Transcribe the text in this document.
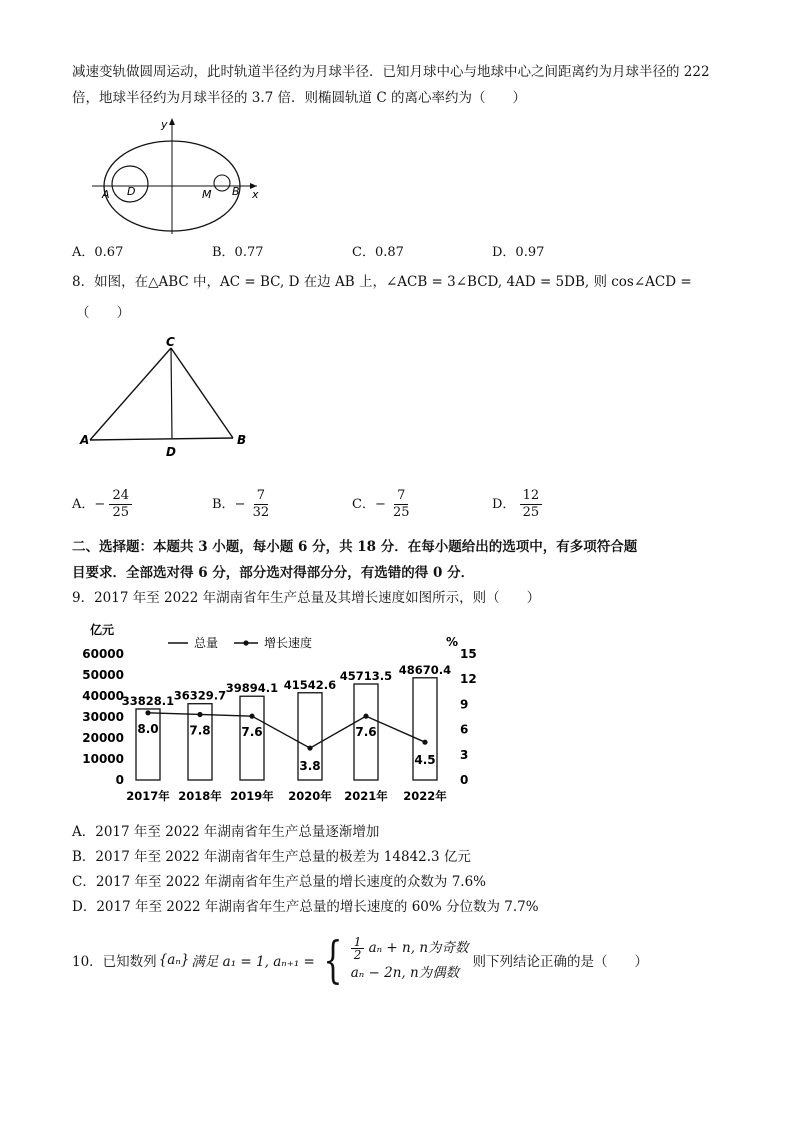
减速变轨做圆周运动，此时轨道半径约为月球半径．已知月球中心与地球中心之间距离约为月球半径的 222
倍，地球半径约为月球半径的 3.7 倍．则椭圆轨道 C 的离心率约为（　　）
y
x
A D	M B
A．0.67	B．0.77	C．0.87	D．0.97
8．如图，在△ABC 中，AC = BC, D 在边 AB 上，∠ACB = 3∠BCD, 4AD = 5DB, 则 cos∠ACD =
（　　）
C
A	B
D
A．− $\frac{24}{25}$	B．− $\frac{7}{32}$	C．− $\frac{7}{25}$	D． $\frac{12}{25}$
二、选择题：本题共 3 小题，每小题 6 分，共 18 分．在每小题给出的选项中，有多项符合题
目要求．全部选对得 6 分，部分选对得部分分，有选错的得 0 分．
9．2017 年至 2022 年湖南省年生产总量及其增长速度如图所示，则（　　）
亿元
%
总量	增长速度
0
10000
20000
30000
40000
50000
60000
0
3
6
9
12
15
33828.1 36329.7
39894.1 41542.6
45713.5 48670.4
8.0	7.8	7.6
3.8
7.6
4.5
2017年 2018年 2019年 2020年 2021年 2022年
A．2017 年至 2022 年湖南省年生产总量逐渐增加
B．2017 年至 2022 年湖南省年生产总量的极差为 14842.3 亿元
C．2017 年至 2022 年湖南省年生产总量的增长速度的众数为 7.6%
D．2017 年至 2022 年湖南省年生产总量的增长速度的 60% 分位数为 7.7%
10．已知数列 {aₙ} 满足 a₁ = 1, aₙ₊₁ = { $\frac{1}{2}$ aₙ + n, n为奇数
aₙ − 2n, n为偶数
则下列结论正确的是（　　）
